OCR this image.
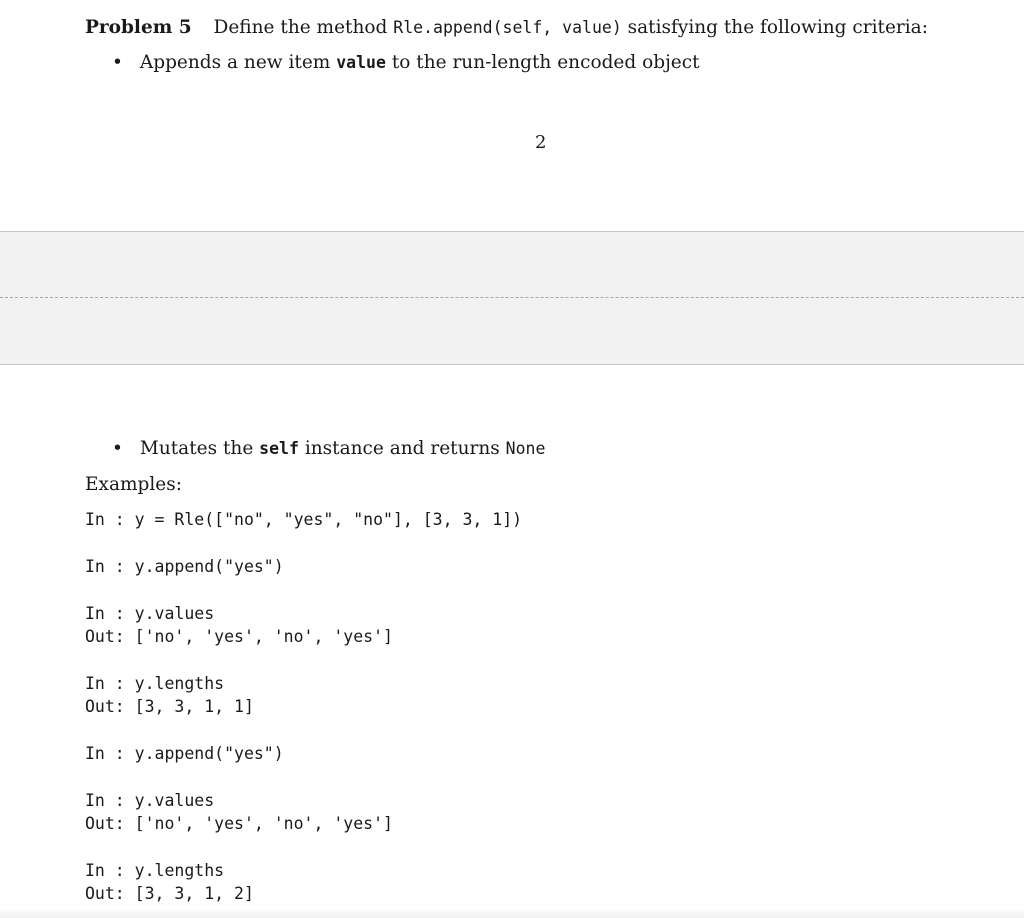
Problem 5 Define the method Rle.append(self, value) satisfying the following criteria:
• Appends a new item value to the run-length encoded object
2
• Mutates the self instance and returns None
Examples:
In : y = Rle(["no", "yes", "no"], [3, 3, 1])
In : y.append("yes")
In : y.values
Out: ['no', 'yes', 'no', 'yes']
In : y.lengths
Out: [3, 3, 1, 1]
In : y.append("yes")
In : y.values
Out: ['no', 'yes', 'no', 'yes']
In : y.lengths
Out: [3, 3, 1, 2]
